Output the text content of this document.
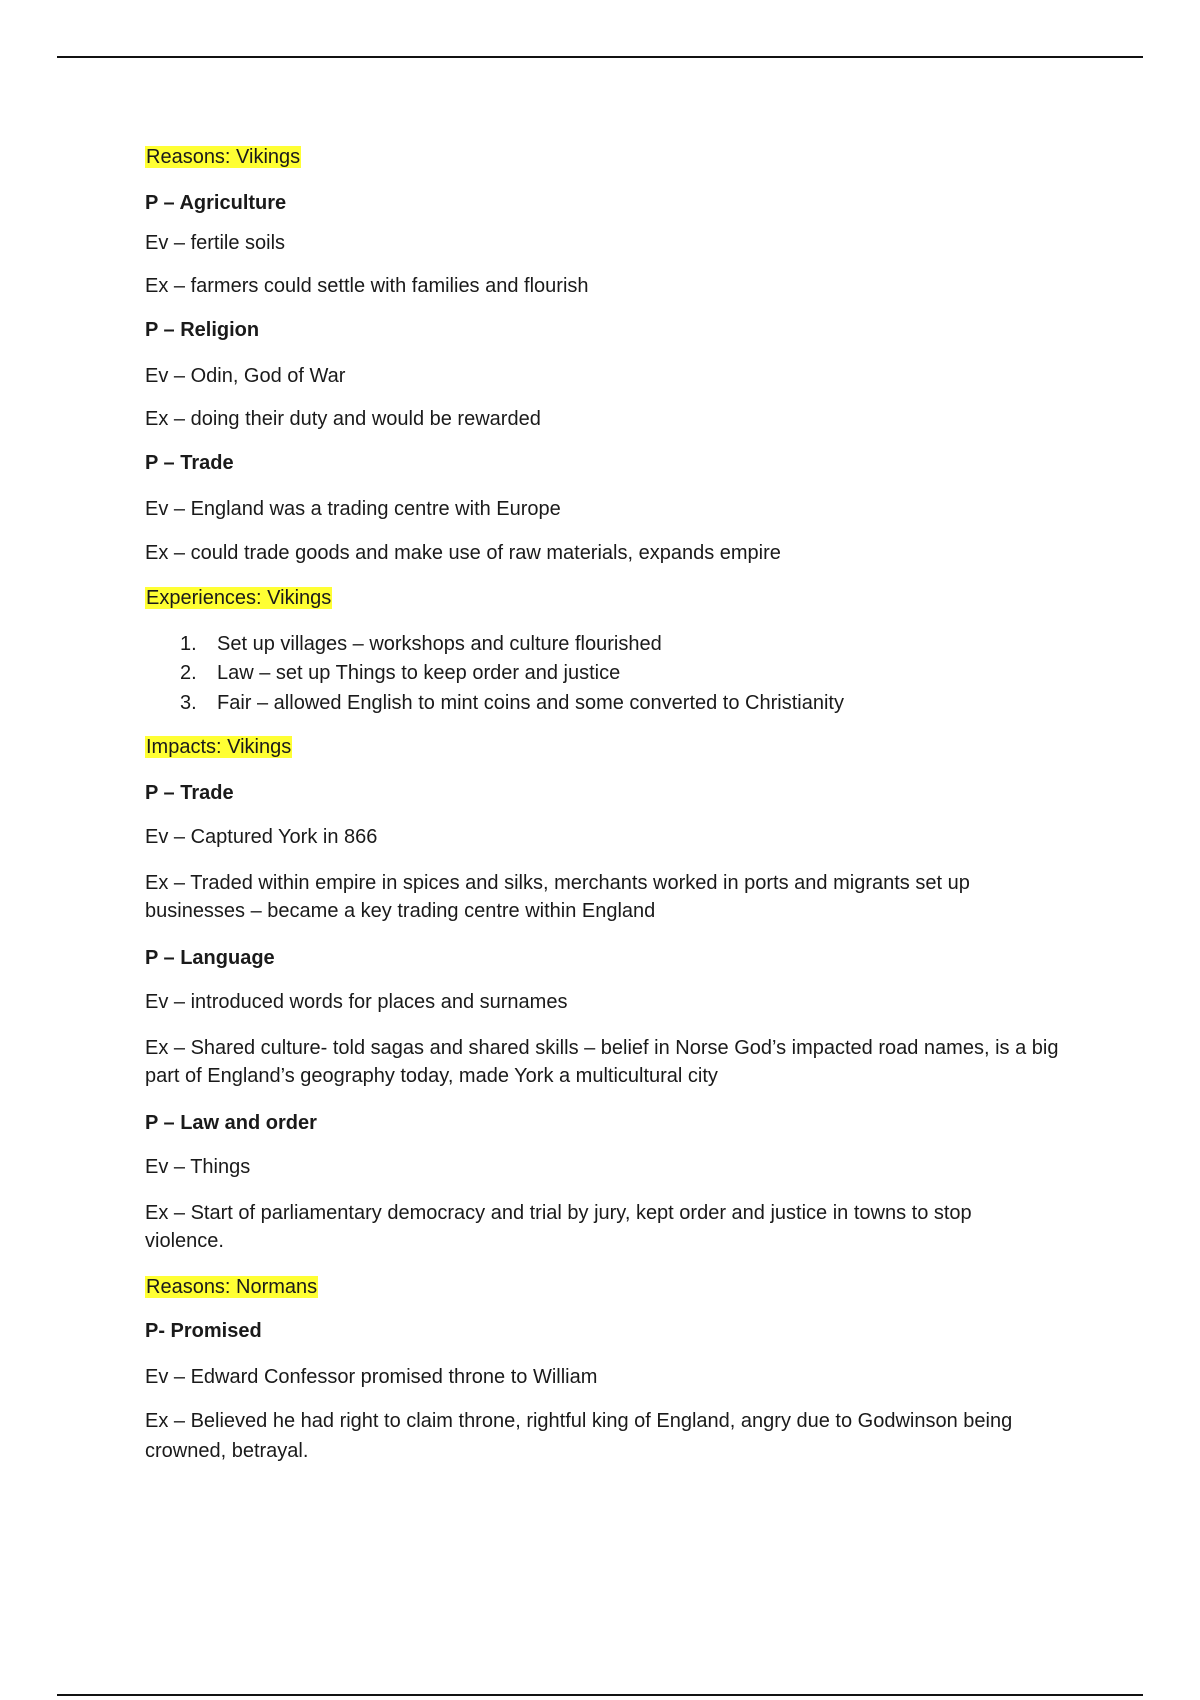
Reasons: Vikings
P – Agriculture
Ev – fertile soils
Ex – farmers could settle with families and flourish
P – Religion
Ev – Odin, God of War
Ex – doing their duty and would be rewarded
P – Trade
Ev – England was a trading centre with Europe
Ex – could trade goods and make use of raw materials, expands empire
Experiences: Vikings
1. Set up villages – workshops and culture flourished
2. Law – set up Things to keep order and justice
3. Fair – allowed English to mint coins and some converted to Christianity
Impacts: Vikings
P – Trade
Ev – Captured York in 866
Ex – Traded within empire in spices and silks, merchants worked in ports and migrants set up
businesses – became a key trading centre within England
P – Language
Ev – introduced words for places and surnames
Ex – Shared culture- told sagas and shared skills – belief in Norse God’s impacted road names, is a big
part of England’s geography today, made York a multicultural city
P – Law and order
Ev – Things
Ex – Start of parliamentary democracy and trial by jury, kept order and justice in towns to stop
violence.
Reasons: Normans
P- Promised
Ev – Edward Confessor promised throne to William
Ex – Believed he had right to claim throne, rightful king of England, angry due to Godwinson being
crowned, betrayal.
